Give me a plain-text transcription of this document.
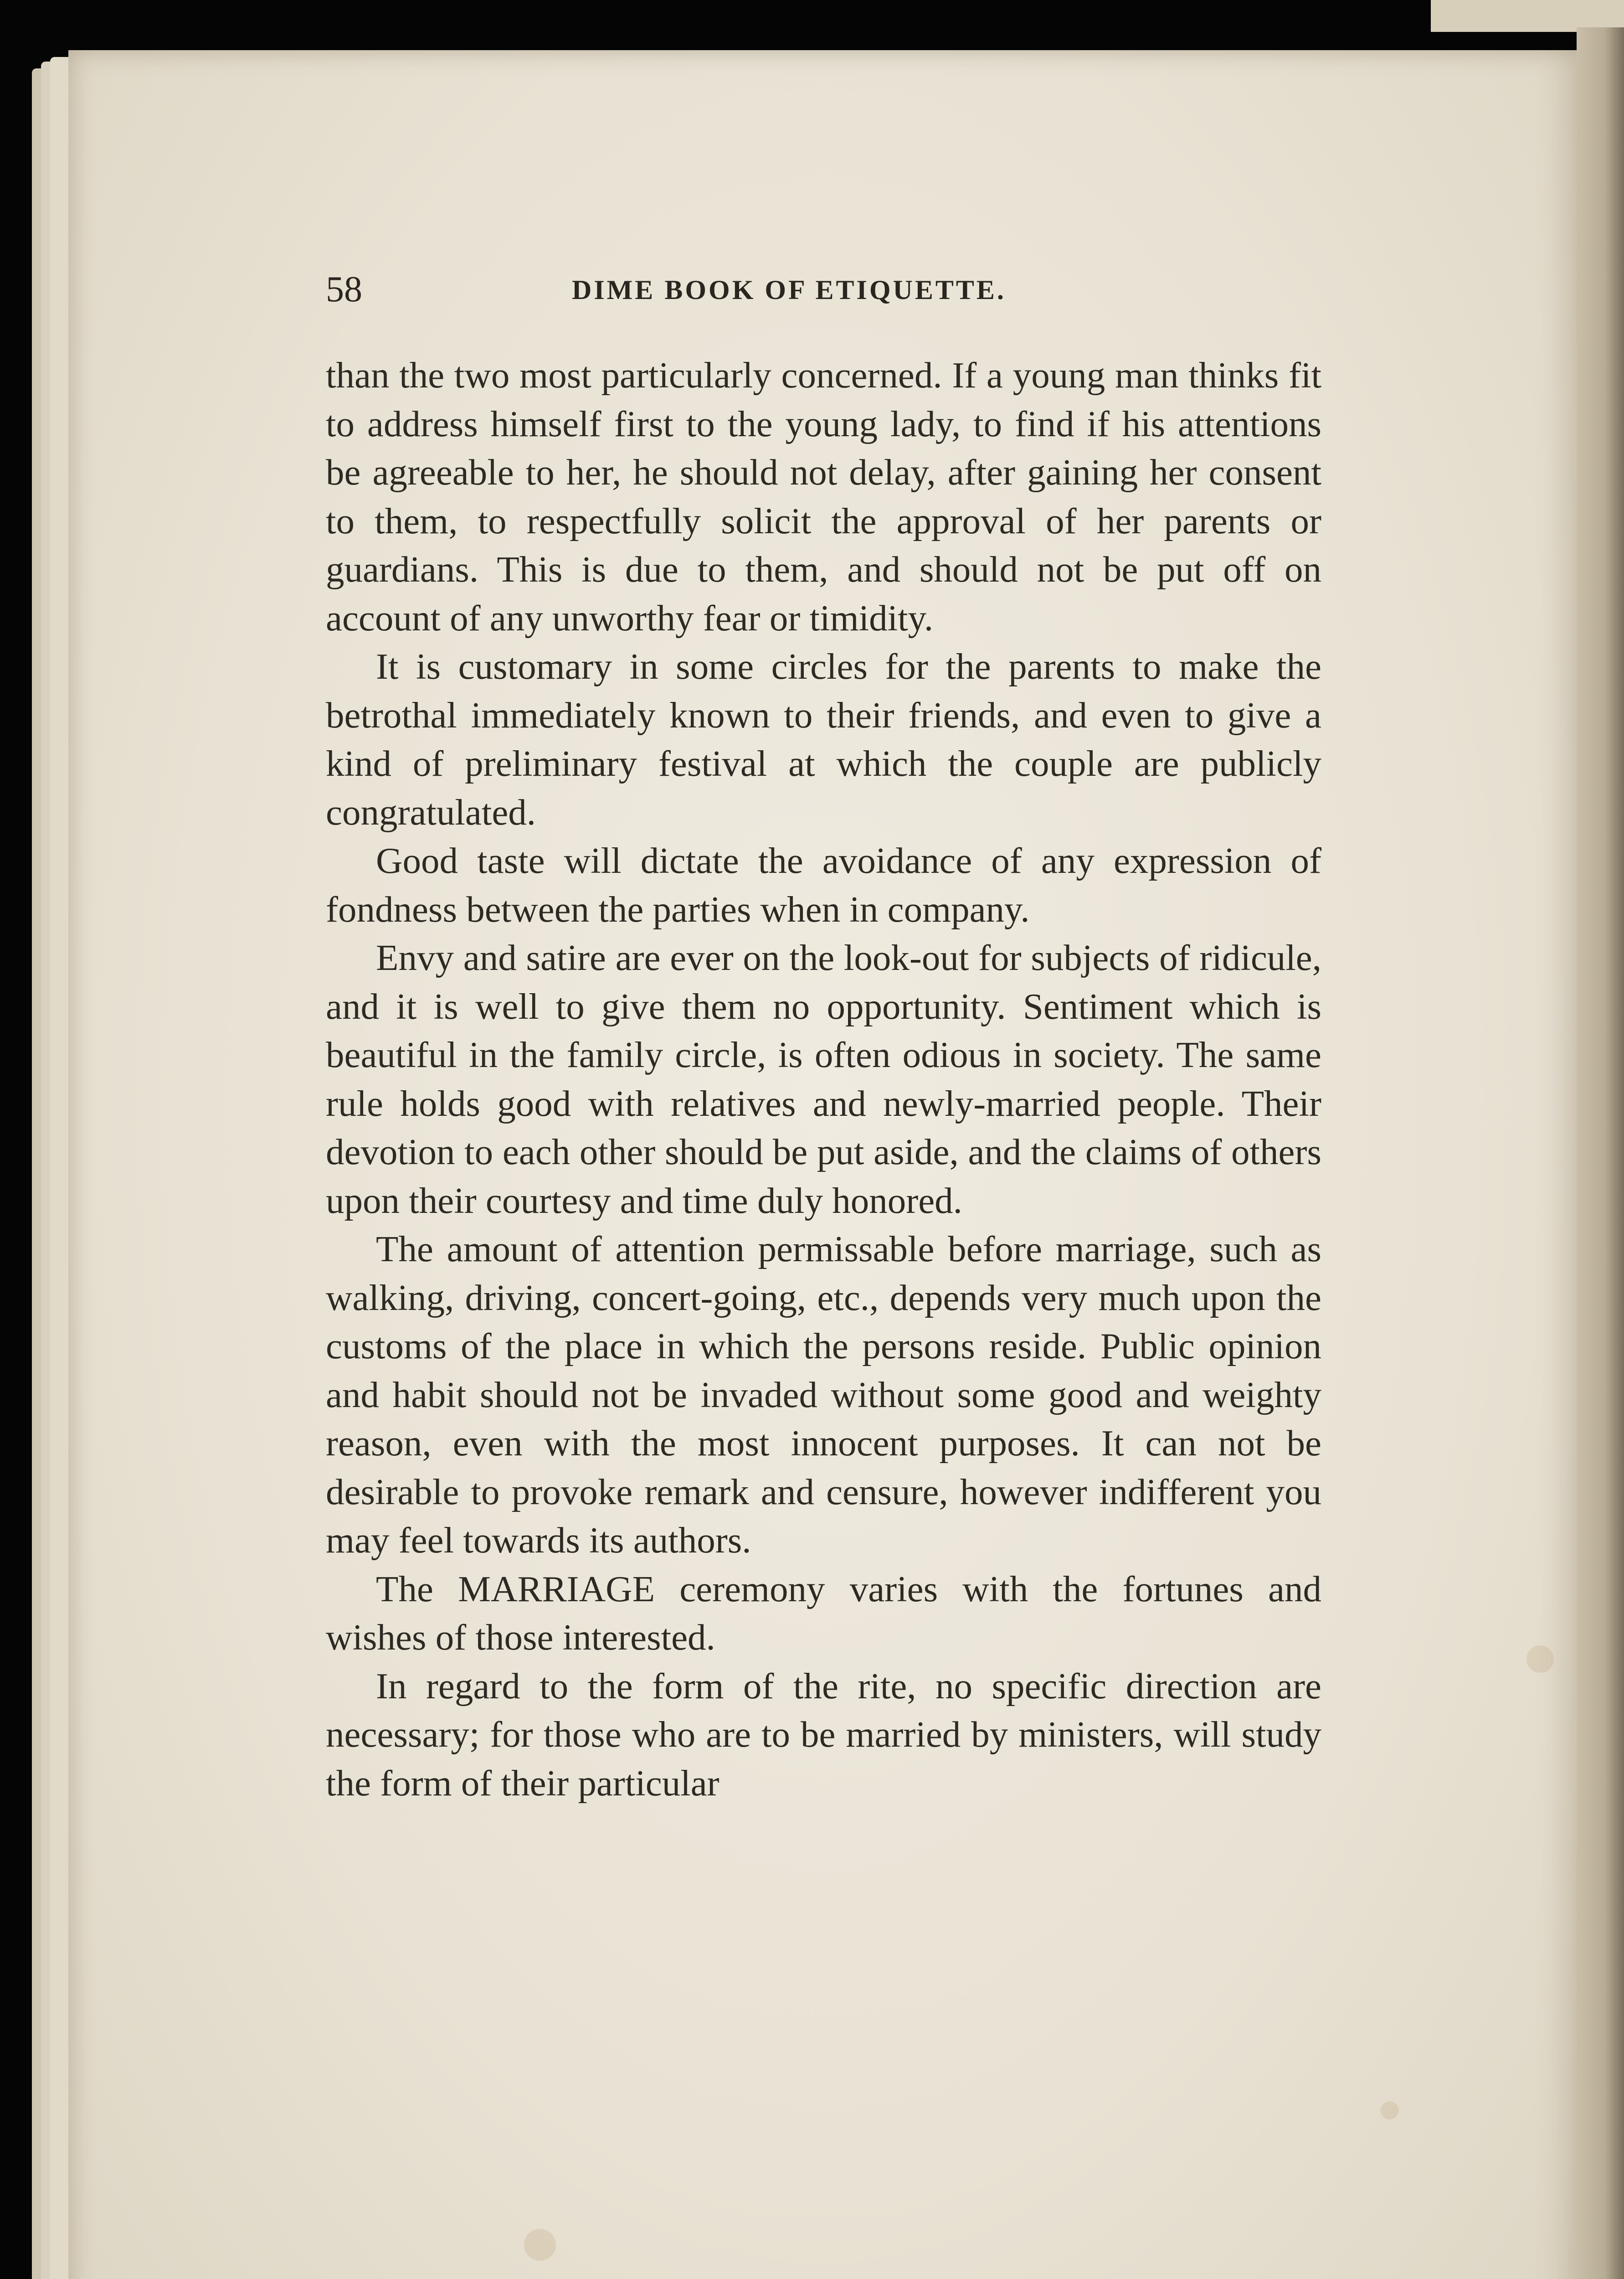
58	DIME BOOK OF ETIQUETTE.

than the two most particularly concerned. If a young man thinks fit to address himself first to the young lady, to find if his attentions be agreeable to her, he should not delay, after gaining her consent to them, to respectfully solicit the approval of her parents or guardians. This is due to them, and should not be put off on account of any unworthy fear or timidity.

It is customary in some circles for the parents to make the betrothal immediately known to their friends, and even to give a kind of preliminary festival at which the couple are publicly congratulated.

Good taste will dictate the avoidance of any expression of fondness between the parties when in company.

Envy and satire are ever on the look-out for subjects of ridicule, and it is well to give them no opportunity. Sentiment which is beautiful in the family circle, is often odious in society. The same rule holds good with relatives and newly-married people. Their devotion to each other should be put aside, and the claims of others upon their courtesy and time duly honored.

The amount of attention permissable before marriage, such as walking, driving, concert-going, etc., depends very much upon the customs of the place in which the persons reside. Public opinion and habit should not be invaded without some good and weighty reason, even with the most innocent purposes. It can not be desirable to provoke remark and censure, however indifferent you may feel towards its authors.

The MARRIAGE ceremony varies with the fortunes and wishes of those interested.

In regard to the form of the rite, no specific direction are necessary; for those who are to be married by ministers, will study the form of their particular
